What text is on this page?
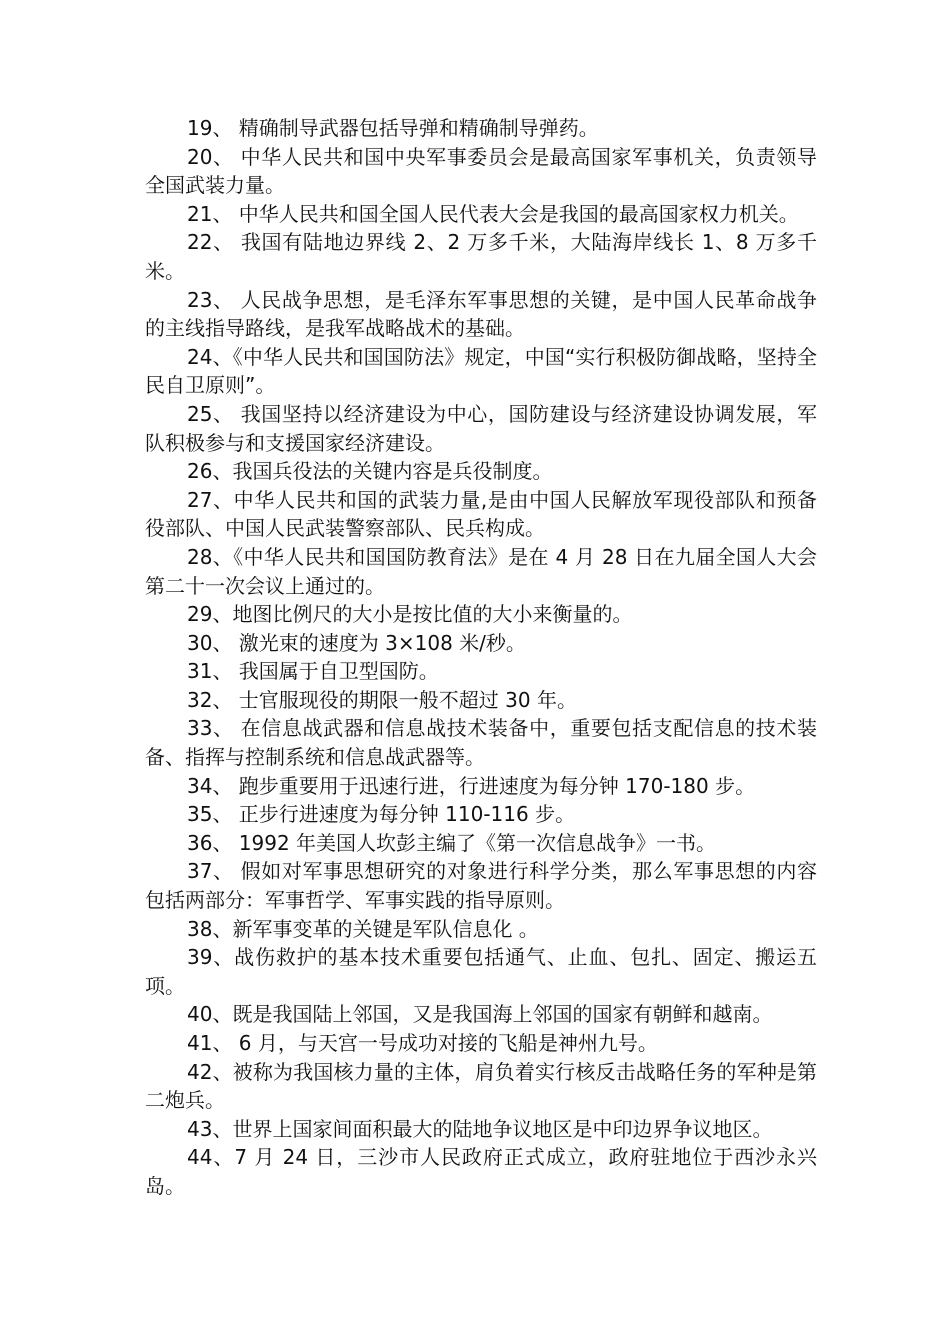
19、 精确制导武器包括导弹和精确制导弹药。

20、 中华人民共和国中央军事委员会是最高国家军事机关，负责领导全国武装力量。

21、 中华人民共和国全国人民代表大会是我国的最高国家权力机关。

22、 我国有陆地边界线 2、2 万多千米，大陆海岸线长 1、8 万多千米。

23、 人民战争思想，是毛泽东军事思想的关键，是中国人民革命战争的主线指导路线，是我军战略战术的基础。

24、《中华人民共和国国防法》规定，中国“实行积极防御战略，坚持全民自卫原则”。

25、 我国坚持以经济建设为中心，国防建设与经济建设协调发展，军队积极参与和支援国家经济建设。

26、我国兵役法的关键内容是兵役制度。

27、中华人民共和国的武装力量,是由中国人民解放军现役部队和预备役部队、中国人民武装警察部队、民兵构成。

28、《中华人民共和国国防教育法》是在 4 月 28 日在九届全国人大会第二十一次会议上通过的。

29、地图比例尺的大小是按比值的大小来衡量的。

30、 激光束的速度为 3×108 米/秒。

31、 我国属于自卫型国防。

32、 士官服现役的期限一般不超过 30 年。

33、 在信息战武器和信息战技术装备中，重要包括支配信息的技术装备、指挥与控制系统和信息战武器等。

34、 跑步重要用于迅速行进，行进速度为每分钟 170-180 步。

35、 正步行进速度为每分钟 110-116 步。

36、 1992 年美国人坎彭主编了《第一次信息战争》一书。

37、 假如对军事思想研究的对象进行科学分类，那么军事思想的内容包括两部分：军事哲学、军事实践的指导原则。

38、新军事变革的关键是军队信息化 。

39、战伤救护的基本技术重要包括通气、止血、包扎、固定、搬运五项。

40、既是我国陆上邻国，又是我国海上邻国的国家有朝鲜和越南。

41、 6 月，与天宫一号成功对接的飞船是神州九号。

42、被称为我国核力量的主体，肩负着实行核反击战略任务的军种是第二炮兵。

43、世界上国家间面积最大的陆地争议地区是中印边界争议地区。

44、7 月 24 日，三沙市人民政府正式成立，政府驻地位于西沙永兴岛。
